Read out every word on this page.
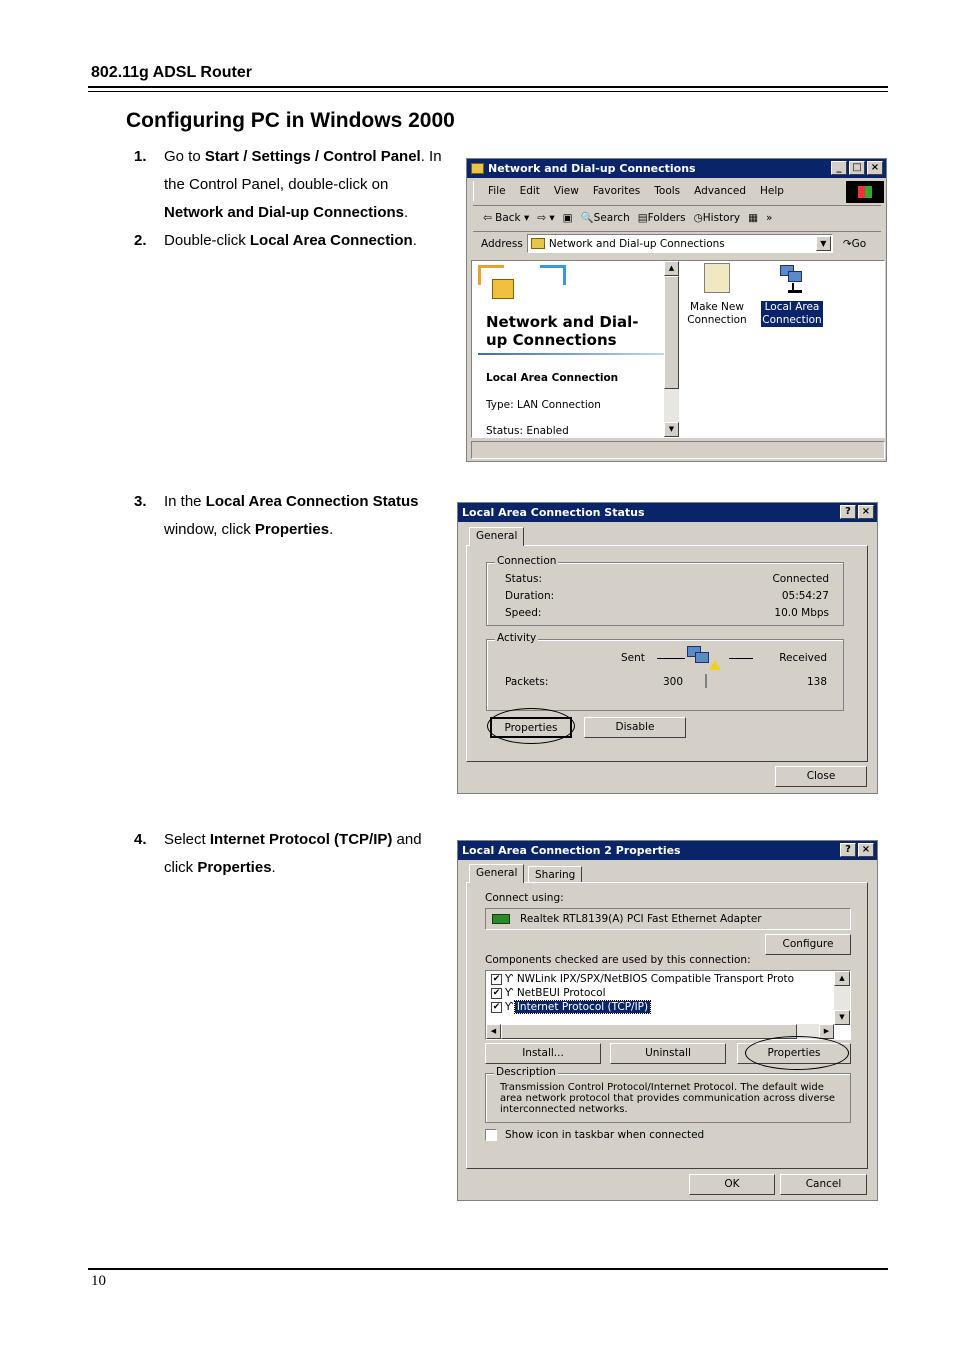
802.11g ADSL Router
Configuring PC in Windows 2000
1. Go to Start / Settings / Control Panel. In the Control Panel, double-click on Network and Dial-up Connections.
2. Double-click Local Area Connection.
3. In the Local Area Connection Status window, click Properties.
4. Select Internet Protocol (TCP/IP) and click Properties.
Network and Dial-up Connections	_	□ ×
File Edit View Favorites Tools Advanced Help
⇦ Back ▾ ⇨ ▾ ▣ 🔍Search ▤Folders ◷History ▦ »
Address Network and Dial-up Connections	▼	↷Go
Network and Dial-up Connections
Local Area Connection
Type: LAN Connection
Status: Enabled
▲
▼
Make New Connection
Local Area Connection
Local Area Connection Status	?	×
General
Connection
Status:	Connected
Duration:	05:54:27
Speed:	10.0 Mbps
Activity
Sent	Received
Packets:	300	138
Properties	Disable
Close
Local Area Connection 2 Properties	?	×
General	Sharing
Connect using:
Realtek RTL8139(A) PCI Fast Ethernet Adapter
Configure
Components checked are used by this connection:
✔ Ƴ NWLink IPX/SPX/NetBIOS Compatible Transport Proto
✔ Ƴ NetBEUI Protocol
✔ Ƴ Internet Protocol (TCP/IP)
▲
▼
◀	▶
Install...	Uninstall	Properties
Description
Transmission Control Protocol/Internet Protocol. The default wide area network protocol that provides communication across diverse interconnected networks.
Show icon in taskbar when connected
OK	Cancel
10
